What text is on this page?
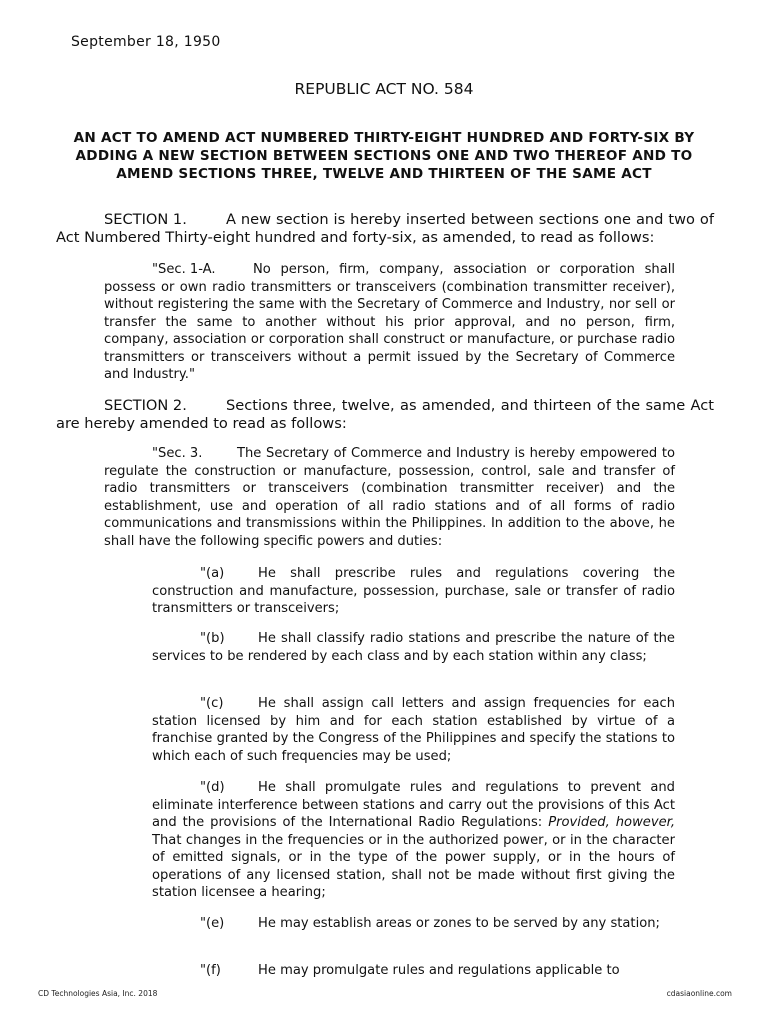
September 18, 1950
REPUBLIC ACT NO. 584
AN ACT TO AMEND ACT NUMBERED THIRTY-EIGHT HUNDRED AND FORTY-SIX BY ADDING A NEW SECTION BETWEEN SECTIONS ONE AND TWO THEREOF AND TO AMEND SECTIONS THREE, TWELVE AND THIRTEEN OF THE SAME ACT
SECTION 1.	A new section is hereby inserted between sections one and two of Act Numbered Thirty-eight hundred and forty-six, as amended, to read as follows:
"Sec. 1-A.	No person, firm, company, association or corporation shall possess or own radio transmitters or transceivers (combination transmitter receiver), without registering the same with the Secretary of Commerce and Industry, nor sell or transfer the same to another without his prior approval, and no person, firm, company, association or corporation shall construct or manufacture, or purchase radio transmitters or transceivers without a permit issued by the Secretary of Commerce and Industry."
SECTION 2.	Sections three, twelve, as amended, and thirteen of the same Act are hereby amended to read as follows:
"Sec. 3.	The Secretary of Commerce and Industry is hereby empowered to regulate the construction or manufacture, possession, control, sale and transfer of radio transmitters or transceivers (combination transmitter receiver) and the establishment, use and operation of all radio stations and of all forms of radio communications and transmissions within the Philippines. In addition to the above, he shall have the following specific powers and duties:
"(a)	He shall prescribe rules and regulations covering the construction and manufacture, possession, purchase, sale or transfer of radio transmitters or transceivers;
"(b)	He shall classify radio stations and prescribe the nature of the services to be rendered by each class and by each station within any class;
"(c)	He shall assign call letters and assign frequencies for each station licensed by him and for each station established by virtue of a franchise granted by the Congress of the Philippines and specify the stations to which each of such frequencies may be used;
"(d)	He shall promulgate rules and regulations to prevent and eliminate interference between stations and carry out the provisions of this Act and the provisions of the International Radio Regulations: Provided, however, That changes in the frequencies or in the authorized power, or in the character of emitted signals, or in the type of the power supply, or in the hours of operations of any licensed station, shall not be made without first giving the station licensee a hearing;
"(e)	He may establish areas or zones to be served by any station;
"(f)	He may promulgate rules and regulations applicable to
CD Technologies Asia, Inc. 2018	cdasiaonline.com
